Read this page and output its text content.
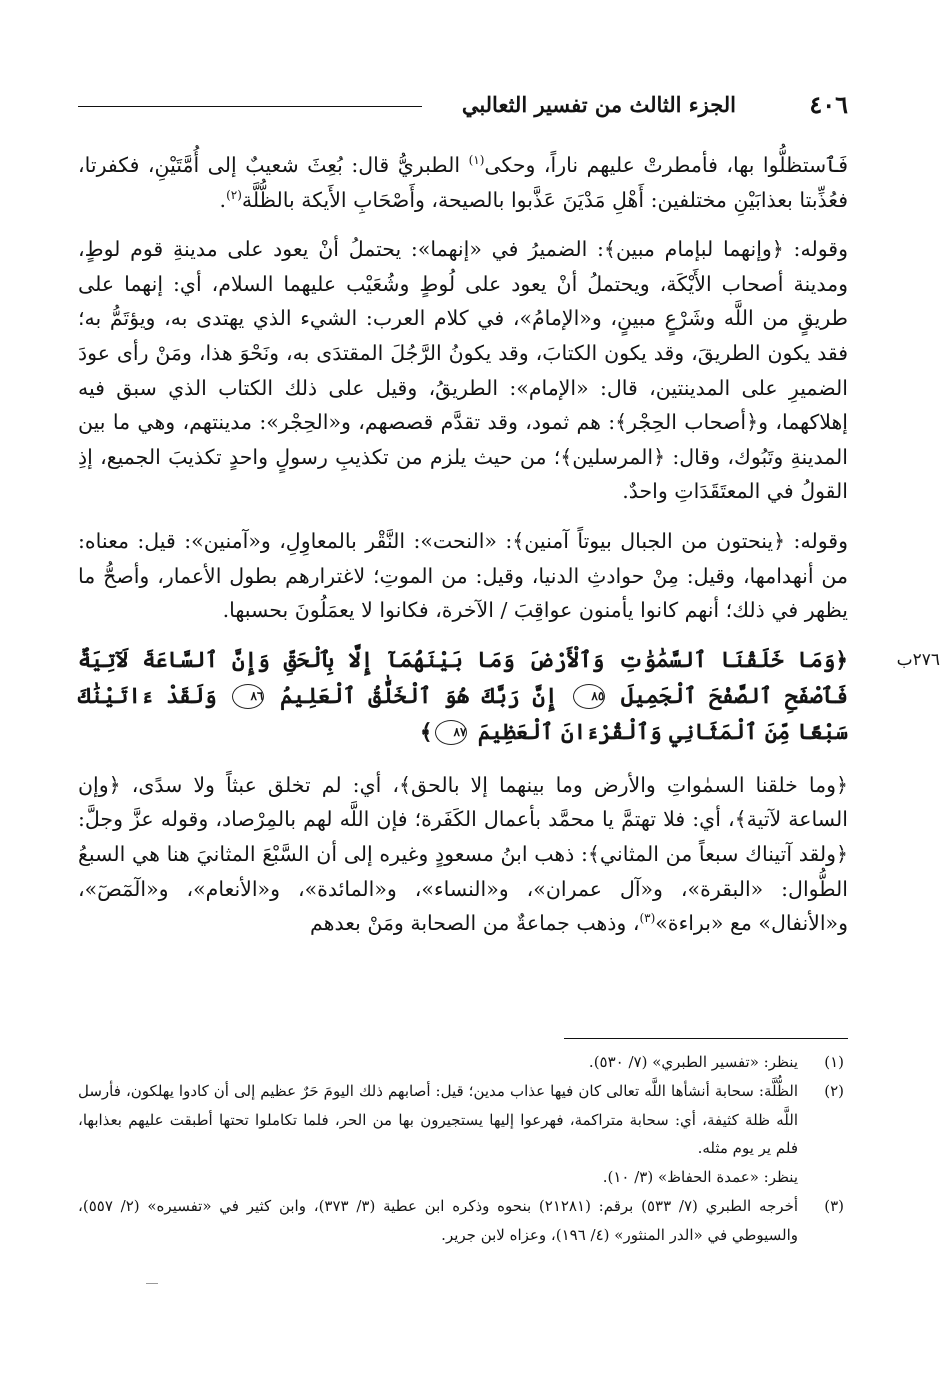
٤٠٦
الجزء الثالث من تفسير الثعالبي

فَٱستظلُّوا بها، فأمطرتْ عليهم ناراً، وحكى$^{(١)}$ الطبريُّ قال: بُعِثَ شعيبٌ إلى أُمَّتَيْنِ، فكفرتا، فعُذِّبتا بعذابَيْنِ مختلفين: أَهْلِ مَدْيَنَ عَذَّبوا بالصيحة، وأَصْحَابِ الأَيكة بالظُّلَّة$^{(٢)}$.

وقوله: ﴿وإنهما لبإمام مبين﴾: الضميرُ في «إنهما»: يحتملُ أنْ يعود على مدينةِ قوم لوطٍ، ومدينة أصحاب الأَيْكَة، ويحتملُ أنْ يعود على لُوطٍ وشُعَيْب عليهما السلام، أي: إنهما على طريقٍ من اللَّه وشَرْعٍ مبينٍ، و«الإمامُ»، في كلام العرب: الشيء الذي يهتدى به، ويؤتَمُّ به؛ فقد يكون الطريقَ، وقد يكون الكتابَ، وقد يكونُ الرَّجُلَ المقتدَى به، ونَحْوَ هذا، ومَنْ رأى عودَ الضميرِ على المدينتين، قال: «الإمام»: الطريقُ، وقيل على ذلك الكتاب الذي سبق فيه إهلاكهما، و﴿أصحاب الحِجْر﴾: هم ثمود، وقد تقدَّم قصصهم، و«الحِجْر»: مدينتهم، وهي ما بين المدينةِ وتَبُوك، وقال: ﴿المرسلين﴾؛ من حيث يلزم من تكذيبِ رسولٍ واحدٍ تكذيبَ الجميع، إذِ القولُ في المعتَقَدَاتِ واحدٌ.

وقوله: ﴿ينحتون من الجبال بيوتاً آمنين﴾: «النحت»: النَّقْر بالمعاوِلِ، و«آمنين»: قيل: معناه: من أنهدامها، وقيل: مِنْ حوادثِ الدنيا، وقيل: من الموتِ؛ لاغترارهم بطول الأعمار، وأصحُّ ما يظهر في ذلك؛ أنهم كانوا يأمنون عواقِبَ / الآخرة، فكانوا لا يعمَلُونَ بحسبها.

﴿وَمَا خَلَقْنَا ٱلسَّمَٰوَٰتِ وَٱلْأَرْضَ وَمَا بَيْنَهُمَآ إِلَّا بِٱلْحَقِّ وَإِنَّ ٱلسَّاعَةَ لَآتِيَةٌ فَٱصْفَحِ ٱلصَّفْحَ ٱلْجَمِيلَ ٨٥ إِنَّ رَبَّكَ هُوَ ٱلْخَلَّٰقُ ٱلْعَلِيمُ ٨٦ وَلَقَدْ ءَاتَيْنَٰكَ سَبْعًا مِّنَ ٱلْمَثَانِي وَٱلْقُرْءَانَ ٱلْعَظِيمَ ٨٧﴾

﴿وما خلقنا السمٰواتِ والأرض وما بينهما إلا بالحق﴾، أي: لم تخلق عبثاً ولا سدًى، ﴿وإن الساعة لآتية﴾، أي: فلا تهتمَّ يا محمَّد بأعمال الكَفَرة؛ فإن اللَّه لهم بالمِرْصاد، وقوله عزَّ وجلَّ: ﴿ولقد آتيناك سبعاً من المثاني﴾: ذهب ابنُ مسعودٍ وغيره إلى أن السَّبْعَ المثانيَ هنا هي السبعُ الطُّوال: «البقرة»، و«آل عمران»، و«النساء»، و«المائدة»، و«الأنعام»، و«الٓمٓصٓ»، و«الأنفال» مع «براءة»$^{(٣)}$، وذهب جماعةٌ من الصحابة ومَنْ بعدهم

٢٧٦ب
(١)
ينظر: «تفسير الطبري» (٧/ ٥٣٠).
(٢)
الظُّلَّة: سحابة أنشأها اللَّه تعالى كان فيها عذاب مدين؛ قيل: أصابهم ذلك اليومَ حَرٌ عظيم إلى أن كادوا يهلكون، فأرسل اللَّه ظلة كثيفة، أي: سحابة متراكمة، فهرعوا إليها يستجيرون بها من الحر، فلما تكاملوا تحتها أطبقت عليهم بعذابها، فلم ير يوم مثله.
ينظر: «عمدة الحفاظ» (٣/ ١٠).
(٣)
أخرجه الطبري (٧/ ٥٣٣) برقم: (٢١٢٨١) بنحوه وذكره ابن عطية (٣/ ٣٧٣)، وابن كثير في «تفسيره» (٢/ ٥٥٧)، والسيوطي في «الدر المنثور» (٤/ ١٩٦)، وعزاه لابن جرير.
